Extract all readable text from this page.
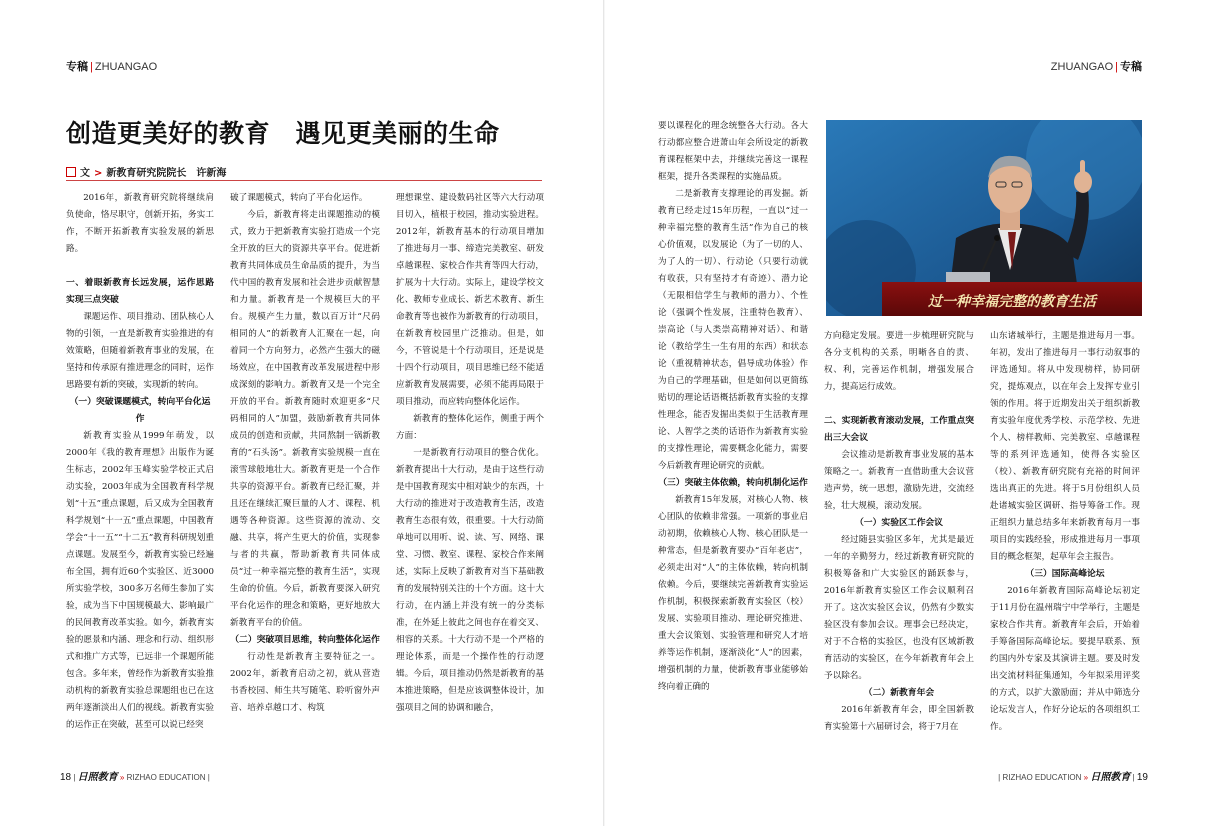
专稿 | ZHUANGAO
创造更美好的教育　遇见更美丽的生命
文 > 新教育研究院院长　许新海

2016年，新教育研究院将继续肩负使命，恪尽职守，创新开拓，务实工作，不断开拓新教育实验发展的新思路。

一、着眼新教育长远发展，运作思路实现三点突破

课题运作、项目推动、团队核心人物的引领，一直是新教育实验推进的有效策略，但随着新教育事业的发展，在坚持和传承原有推进理念的同时，运作思路要有新的突破，实现新的转向。

（一）突破课题模式，转向平台化运作

新教育实验从1999年萌发，以2000年《我的教育理想》出版作为诞生标志，2002年玉峰实验学校正式启动实验，2003年成为全国教育科学规划“十五”重点课题，后又成为全国教育科学规划“十一五”重点课题，中国教育学会“十一五”“十二五”教育科研规划重点课题。发展至今，新教育实验已经遍布全国，拥有近60个实验区、近3000所实验学校，300多万名师生参加了实验，成为当下中国规模最大、影响最广的民间教育改革实验。如今，新教育实验的愿景和内涵、理念和行动、组织形式和推广方式等，已远非一个课题所能包含。多年来，曾经作为新教育实验推动机构的新教育实验总课题组也已在这两年逐渐淡出人们的视线。新教育实验的运作正在突破，甚至可以说已经突

破了课题模式，转向了平台化运作。

今后，新教育将走出课题推动的模式，致力于把新教育实验打造成一个完全开放的巨大的资源共享平台。促进新教育共同体成员生命品质的提升，为当代中国的教育发展和社会进步贡献智慧和力量。新教育是一个规模巨大的平台。规模产生力量，数以百万计“尺码相同的人”的新教育人汇聚在一起，向着同一个方向努力，必然产生强大的磁场效应，在中国教育改革发展进程中形成深刻的影响力。新教育又是一个完全开放的平台。新教育随时欢迎更多“尺码相同的人”加盟，鼓励新教育共同体成员的创造和贡献，共同熬制一锅新教育的“石头汤”。新教育实验规模一直在滚雪球般地壮大。新教育更是一个合作共享的资源平台。新教育已经汇聚，并且还在继续汇聚巨量的人才、课程、机遇等各种资源。这些资源的流动、交融、共享，将产生更大的价值，实现参与者的共赢，帮助新教育共同体成员“过一种幸福完整的教育生活”，实现生命的价值。今后，新教育要深入研究平台化运作的理念和策略，更好地放大新教育平台的价值。

（二）突破项目思维，转向整体化运作

行动性是新教育主要特征之一。2002年，新教育启动之初，就从营造书香校园、师生共写随笔、聆听窗外声音、培养卓越口才、构筑

理想课堂、建设数码社区等六大行动项目切入，植根于校园，推动实验进程。2012年，新教育基本的行动项目增加了推进每月一事、缔造完美教室、研发卓越课程、家校合作共育等四大行动，扩展为十大行动。实际上，建设学校文化、教师专业成长、新艺术教育、新生命教育等也被作为新教育的行动项目，在新教育校园里广泛推动。但是，如今，不管说是十个行动项目，还是说是十四个行动项目，项目思维已经不能适应新教育发展需要，必须不能再局限于项目推动，而应转向整体化运作。

新教育的整体化运作，侧重于两个方面：

一是新教育行动项目的整合优化。新教育提出十大行动，是由于这些行动是中国教育现实中相对缺少的东西，十大行动的推进对于改造教育生活，改造教育生态很有效，很重要。十大行动简单地可以用听、说、读、写、网络、课堂、习惯、教室、课程、家校合作来阐述，实际上反映了新教育对当下基础教育的发展特别关注的十个方面。这十大行动，在内涵上并没有统一的分类标准，在外延上彼此之间也存在着交叉、相容的关系。十大行动不是一个严格的理论体系，而是一个操作性的行动逻辑。今后，项目推动仍然是新教育的基本推进策略，但是应该调整体设计，加强项目之间的协调和融合，

18 | 日照教育 » RIZHAO EDUCATION |
ZHUANGAO | 专稿

要以课程化的理念统整各大行动。各大行动都应整合进萧山年会所设定的新教育课程框架中去，并继续完善这一课程框架，提升各类课程的实施品质。

二是新教育支撑理论的再发掘。新教育已经走过15年历程，一直以“过一种幸福完整的教育生活”作为自己的核心价值观，以发展论（为了一切的人、为了人的一切）、行动论（只要行动就有收获，只有坚持才有奇迹）、潜力论（无限相信学生与教师的潜力）、个性论（强调个性发展，注重特色教育）、崇高论（与人类崇高精神对话）、和谐论（教给学生一生有用的东西）和状态论（重视精神状态，倡导成功体验）作为自己的学理基础，但是如何以更简练贴切的理论话语概括新教育实验的支撑性理念，能否发掘出类似于生活教育理论、人智学之类的话语作为新教育实验的支撑性理论，需要概念化能力，需要今后新教育理论研究的贡献。

（三）突破主体依赖，转向机制化运作

新教育15年发展，对核心人物、核心团队的依赖非常强。一项新的事业启动初期，依赖核心人物、核心团队是一种常态，但是新教育要办“百年老店”，必须走出对“人”的主体依赖，转向机制依赖。今后，要继续完善新教育实验运作机制，积极探索新教育实验区（校）发展、实验项目推动、理论研究推进、重大会议策划、实验管理和研究人才培养等运作机制，逐渐淡化“人”的因素，增强机制的力量，使新教育事业能够始终向着正确的

过一种幸福完整的教育生活

方向稳定发展。要进一步梳理研究院与各分支机构的关系，明晰各自的责、权、利，完善运作机制，增强发展合力，提高运行成效。

二、实现新教育滚动发展，工作重点突出三大会议

会议推动是新教育事业发展的基本策略之一。新教育一直借助重大会议营造声势，统一思想，激励先进，交流经验，壮大规模，滚动发展。

（一）实验区工作会议

经过随县实验区多年，尤其是最近一年的辛勤努力，经过新教育研究院的积极筹备和广大实验区的踊跃参与，2016年新教育实验区工作会议顺利召开了。这次实验区会议，仍然有少数实验区没有参加会议。理事会已经决定，对于不合格的实验区，也没有区域新教育活动的实验区，在今年新教育年会上予以除名。

（二）新教育年会

2016年新教育年会，即全国新教育实验第十六届研讨会，将于7月在

山东诸城举行，主题是推进每月一事。年初，发出了推进每月一事行动叙事的评选通知。将从中发现榜样，协同研究，提炼观点，以在年会上发挥专业引领的作用。将于近期发出关于组织新教育实验年度优秀学校、示范学校、先进个人、榜样教师、完美教室、卓越课程等的系列评选通知，使得各实验区（校）、新教育研究院有充裕的时间评选出真正的先进。将于5月份组织人员赴诸城实验区调研、指导筹备工作。现正组织力量总结多年来新教育每月一事项目的实践经验，形成推进每月一事项目的概念框架，起草年会主报告。

（三）国际高峰论坛

2016年新教育国际高峰论坛初定于11月份在温州瑞宁中学举行，主题是家校合作共育。新教育年会后，开始着手筹备国际高峰论坛。要提早联系、预约国内外专家及其演讲主题。要及时发出交流材料征集通知，今年拟采用评奖的方式，以扩大激励面；并从中筛选分论坛发言人，作好分论坛的各项组织工作。

| RIZHAO EDUCATION » 日照教育 | 19
